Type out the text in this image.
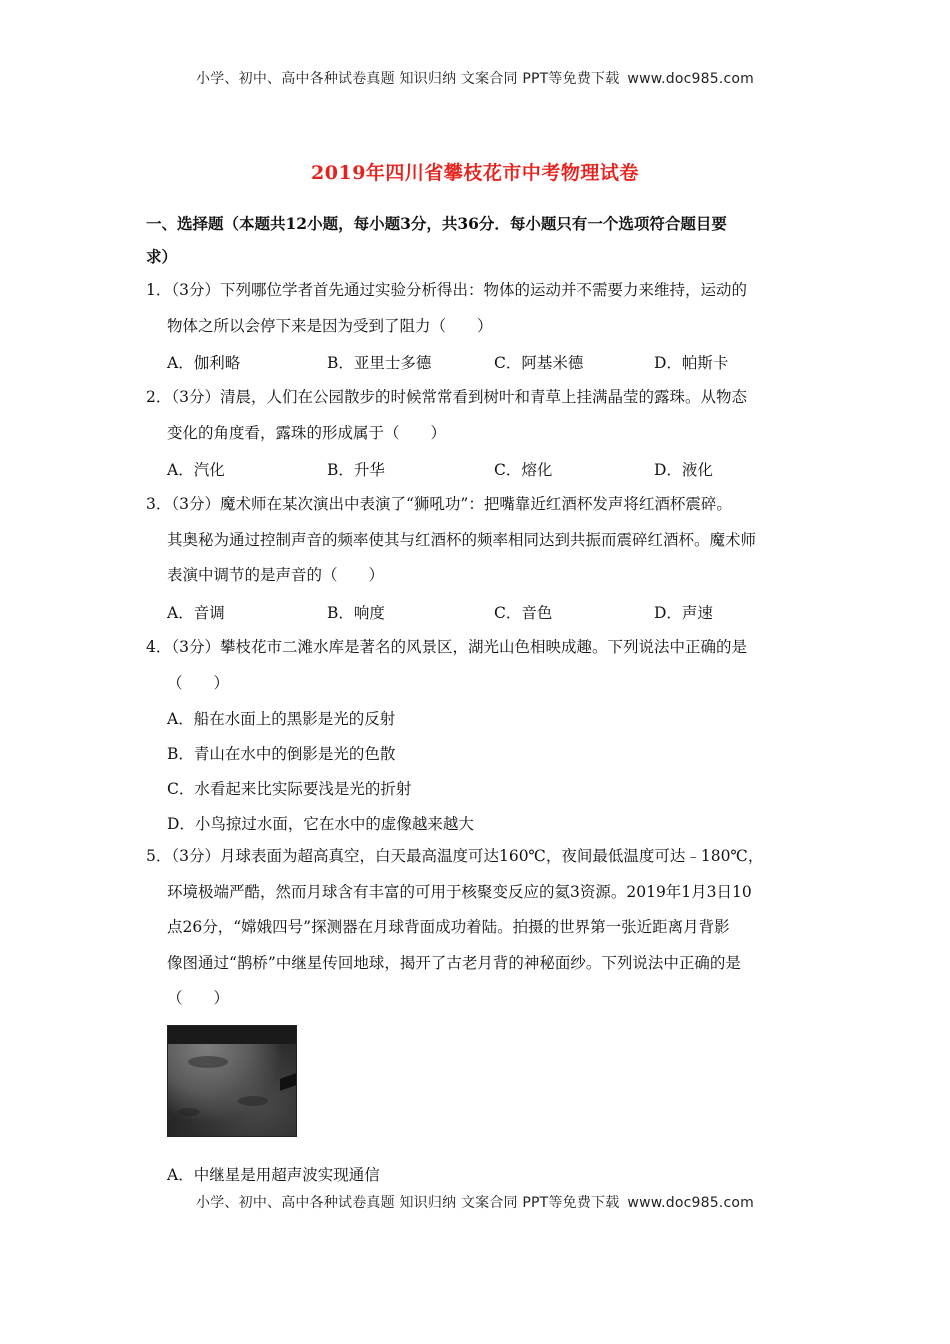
小学、初中、高中各种试卷真题 知识归纳 文案合同 PPT等免费下载 www.doc985.com
2019年四川省攀枝花市中考物理试卷
一、选择题（本题共12小题，每小题3分，共36分．每小题只有一个选项符合题目要
求）
1．（3分）下列哪位学者首先通过实验分析得出：物体的运动并不需要力来维持，运动的
物体之所以会停下来是因为受到了阻力（　　）
A．伽利略	B．亚里士多德	C．阿基米德	D．帕斯卡
2．（3分）清晨，人们在公园散步的时候常常看到树叶和青草上挂满晶莹的露珠。从物态
变化的角度看，露珠的形成属于（　　）
A．汽化	B．升华	C．熔化	D．液化
3．（3分）魔术师在某次演出中表演了“狮吼功”：把嘴靠近红酒杯发声将红酒杯震碎。
其奥秘为通过控制声音的频率使其与红酒杯的频率相同达到共振而震碎红酒杯。魔术师
表演中调节的是声音的（　　）
A．音调	B．响度	C．音色	D．声速
4．（3分）攀枝花市二滩水库是著名的风景区，湖光山色相映成趣。下列说法中正确的是
（　　）
A．船在水面上的黑影是光的反射
B．青山在水中的倒影是光的色散
C．水看起来比实际要浅是光的折射
D．小鸟掠过水面，它在水中的虚像越来越大
5．（3分）月球表面为超高真空，白天最高温度可达160℃，夜间最低温度可达﹣180℃，
环境极端严酷，然而月球含有丰富的可用于核聚变反应的氦3资源。2019年1月3日10
点26分，“嫦娥四号”探测器在月球背面成功着陆。拍摄的世界第一张近距离月背影
像图通过“鹊桥”中继星传回地球，揭开了古老月背的神秘面纱。下列说法中正确的是
（　　）
A．中继星是用超声波实现通信
小学、初中、高中各种试卷真题 知识归纳 文案合同 PPT等免费下载 www.doc985.com
